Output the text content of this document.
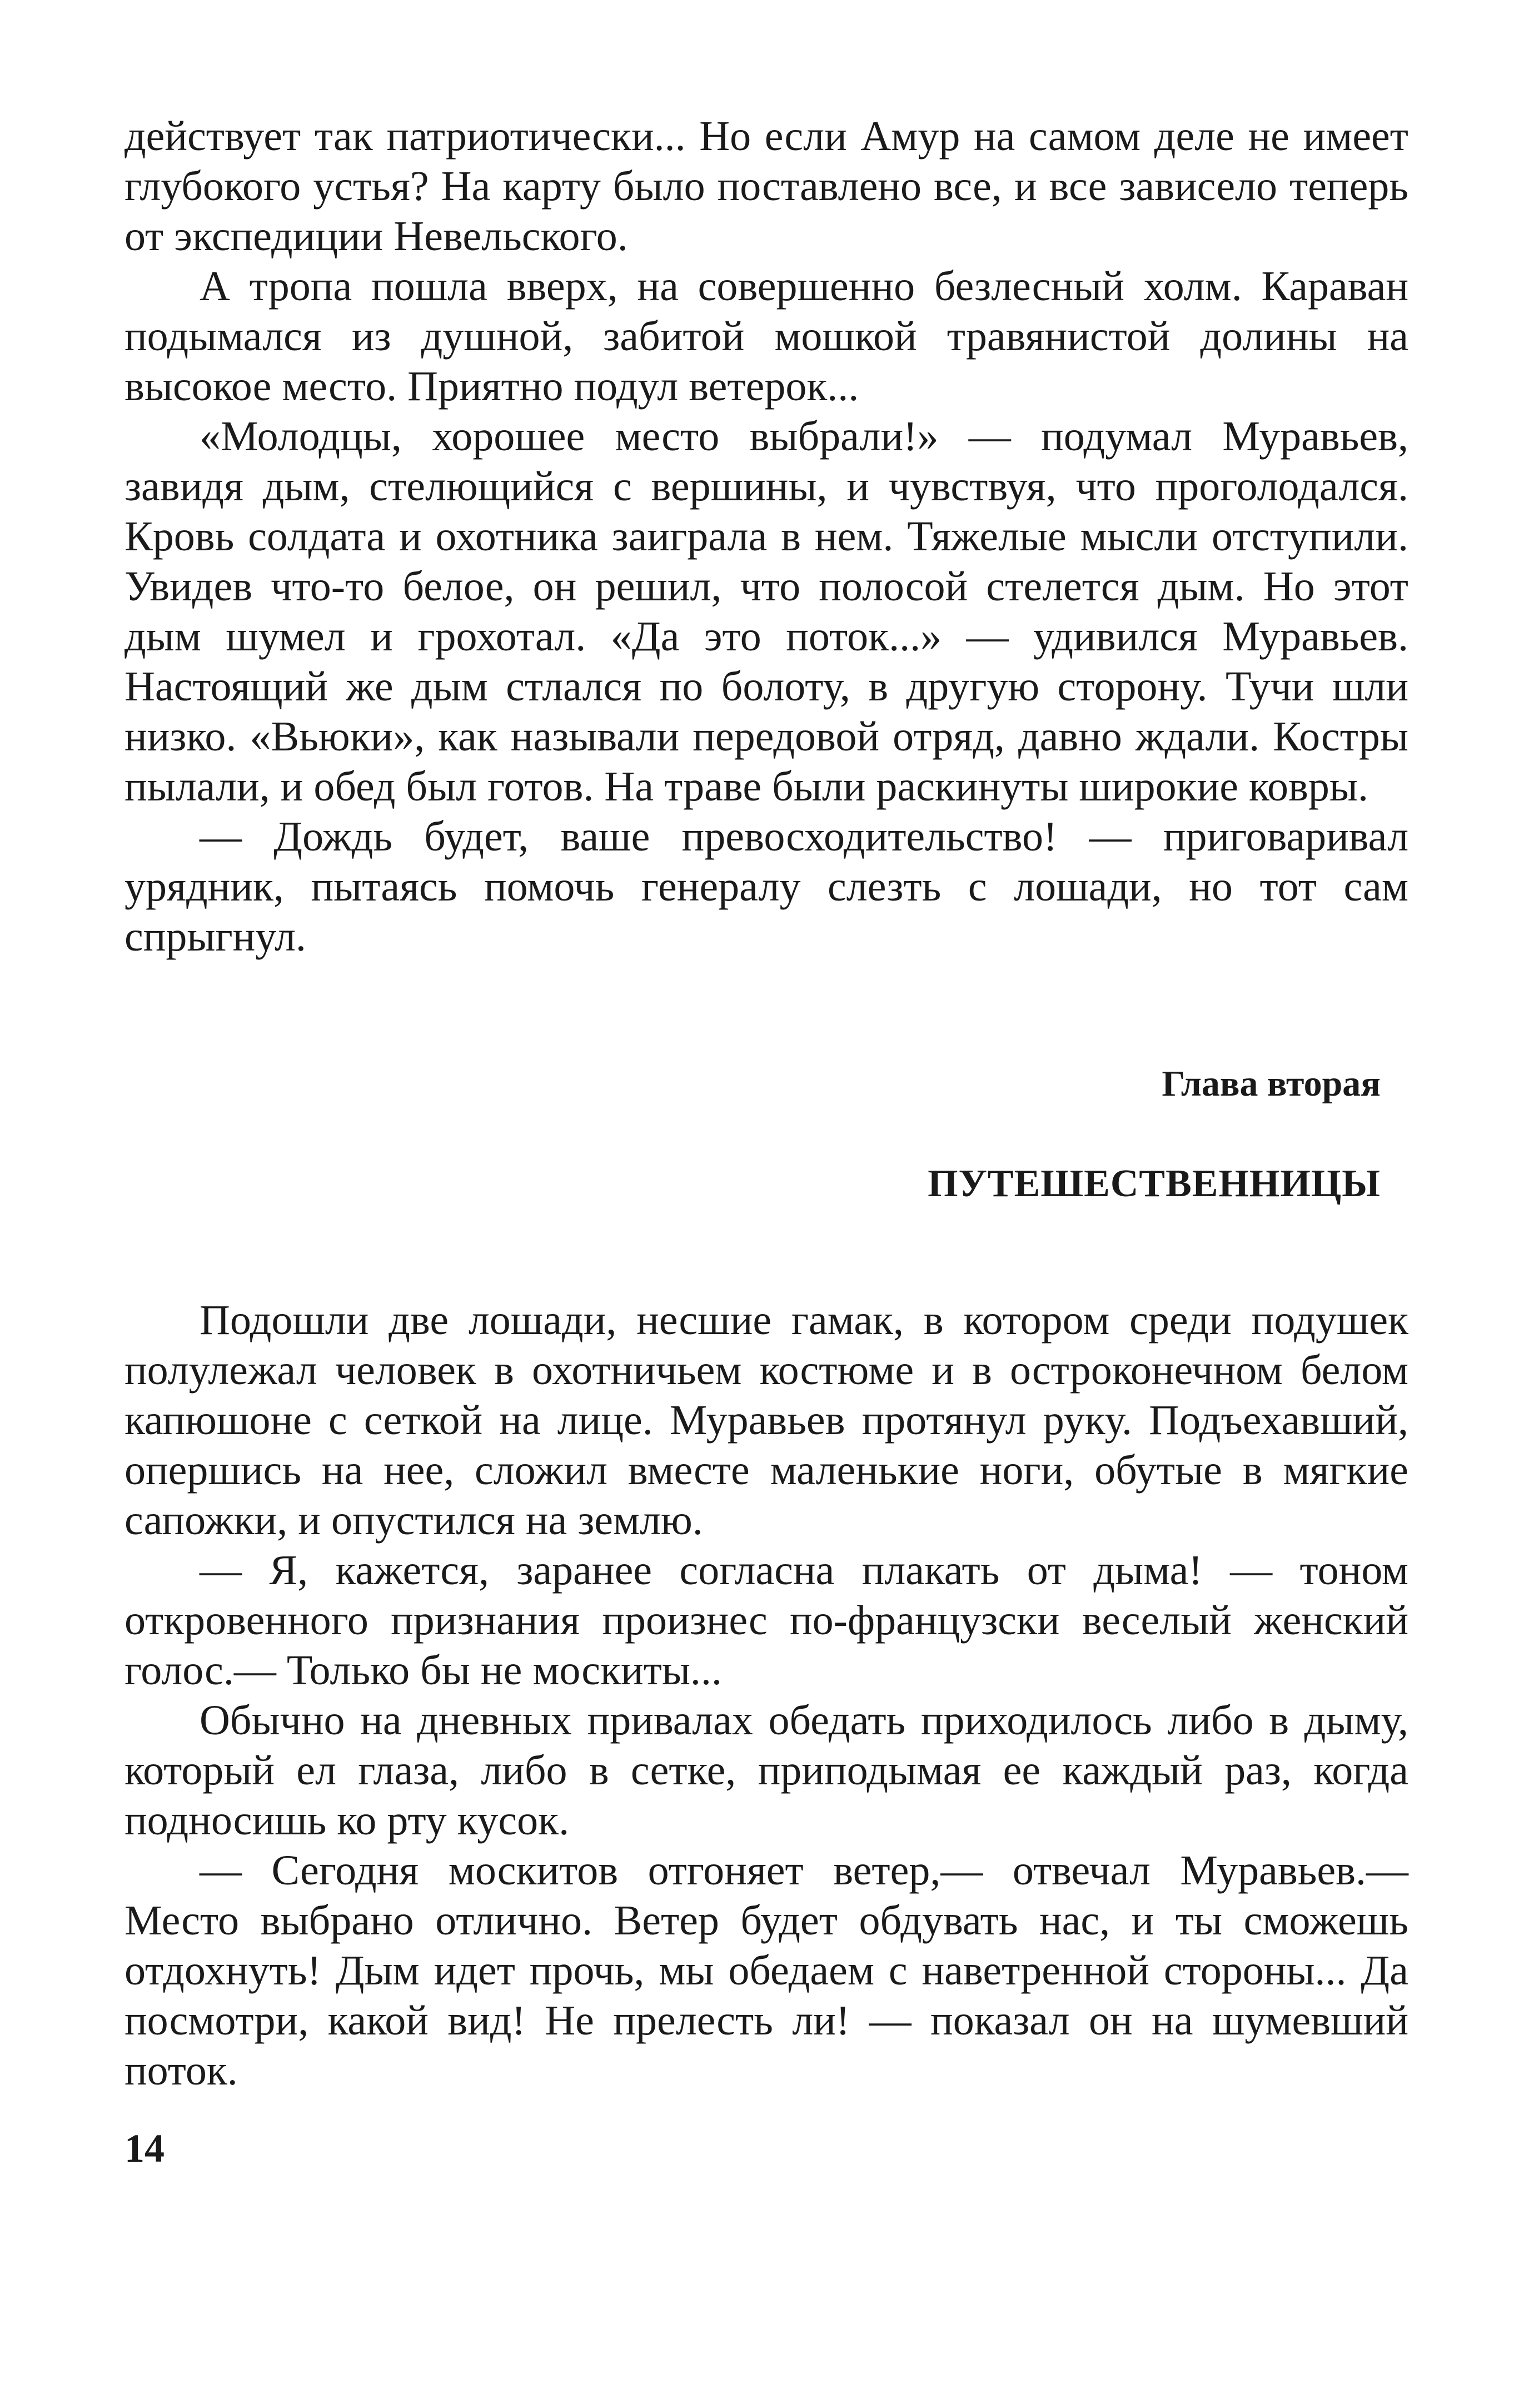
действует так патриотически... Но если Амур на самом деле не имеет глубокого устья? На карту было поставлено все, и все зависело теперь от экспедиции Невельского.

А тропа пошла вверх, на совершенно безлесный холм. Караван подымался из душной, забитой мошкой травянистой долины на высокое место. Приятно подул ветерок...

«Молодцы, хорошее место выбрали!» — подумал Муравьев, завидя дым, стелющийся с вершины, и чувствуя, что проголодался. Кровь солдата и охотника заиграла в нем. Тяжелые мысли отступили. Увидев что-то белое, он решил, что полосой стелется дым. Но этот дым шумел и грохотал. «Да это поток...» — удивился Муравьев. Настоящий же дым стлался по болоту, в другую сторону. Тучи шли низко. «Вьюки», как называли передовой отряд, давно ждали. Костры пылали, и обед был готов. На траве были раскинуты широкие ковры.

— Дождь будет, ваше превосходительство! — приговаривал урядник, пытаясь помочь генералу слезть с лошади, но тот сам спрыгнул.

Глава вторая

ПУТЕШЕСТВЕННИЦЫ

Подошли две лошади, несшие гамак, в котором среди подушек полулежал человек в охотничьем костюме и в остроконечном белом капюшоне с сеткой на лице. Муравьев протянул руку. Подъехавший, опершись на нее, сложил вместе маленькие ноги, обутые в мягкие сапожки, и опустился на землю.

— Я, кажется, заранее согласна плакать от дыма! — тоном откровенного признания произнес по-французски веселый женский голос.— Только бы не москиты...

Обычно на дневных привалах обедать приходилось либо в дыму, который ел глаза, либо в сетке, приподымая ее каждый раз, когда подносишь ко рту кусок.

— Сегодня москитов отгоняет ветер,— отвечал Муравьев.— Место выбрано отлично. Ветер будет обдувать нас, и ты сможешь отдохнуть! Дым идет прочь, мы обедаем с наветренной стороны... Да посмотри, какой вид! Не прелесть ли! — показал он на шумевший поток.

14
